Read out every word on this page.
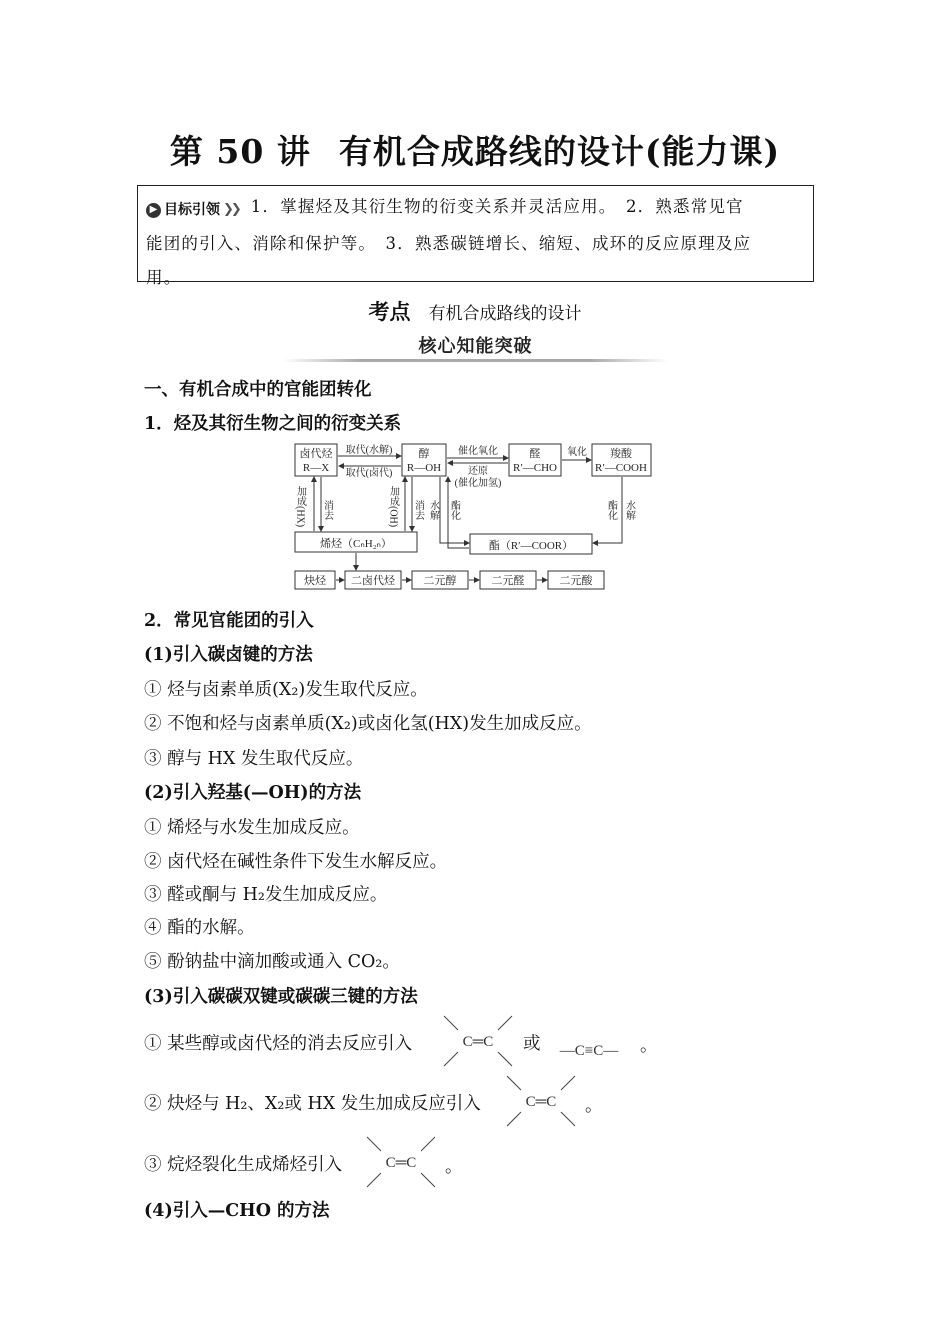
第 50 讲 有机合成路线的设计(能力课)
▶ 目标引领 ❯❯ 1．掌握烃及其衍生物的衍变关系并灵活应用。　2．熟悉常见官
能团的引入、消除和保护等。　3．熟悉碳链增长、缩短、成环的反应原理及应
用。
考点 有机合成路线的设计
核心知能突破
一、有机合成中的官能团转化
1．烃及其衍生物之间的衍变关系
卤代烃
R—X
醇
R—OH
醛
R′—CHO
羧酸
R′—COOH
烯烃（CₙH₂ₙ）	酯（R′—COOR）
取代(水解)
取代(卤代)
催化氧化
还原
(催化加氢)
氧化
加成(HX) 消去	加成(OH) 消去 水解 酯化	酯化 水解
炔烃 二卤代烃	二元醇	二元醛	二元酸
2．常见官能团的引入
(1)引入碳卤键的方法
① 烃与卤素单质(X₂)发生取代反应。
② 不饱和烃与卤素单质(X₂)或卤化氢(HX)发生加成反应。
③ 醇与 HX 发生取代反应。
(2)引入羟基(—OH)的方法
① 烯烃与水发生加成反应。
② 卤代烃在碱性条件下发生水解反应。
③ 醛或酮与 H₂发生加成反应。
④ 酯的水解。
⑤ 酚钠盐中滴加酸或通入 CO₂。
(3)引入碳碳双键或碳碳三键的方法
① 某些醇或卤代烃的消去反应引入	C═C 或 —C≡C— 。
② 炔烃与 H₂、X₂或 HX 发生加成反应引入	C═C 。
③ 烷烃裂化生成烯烃引入	C═C 。
(4)引入—CHO 的方法
